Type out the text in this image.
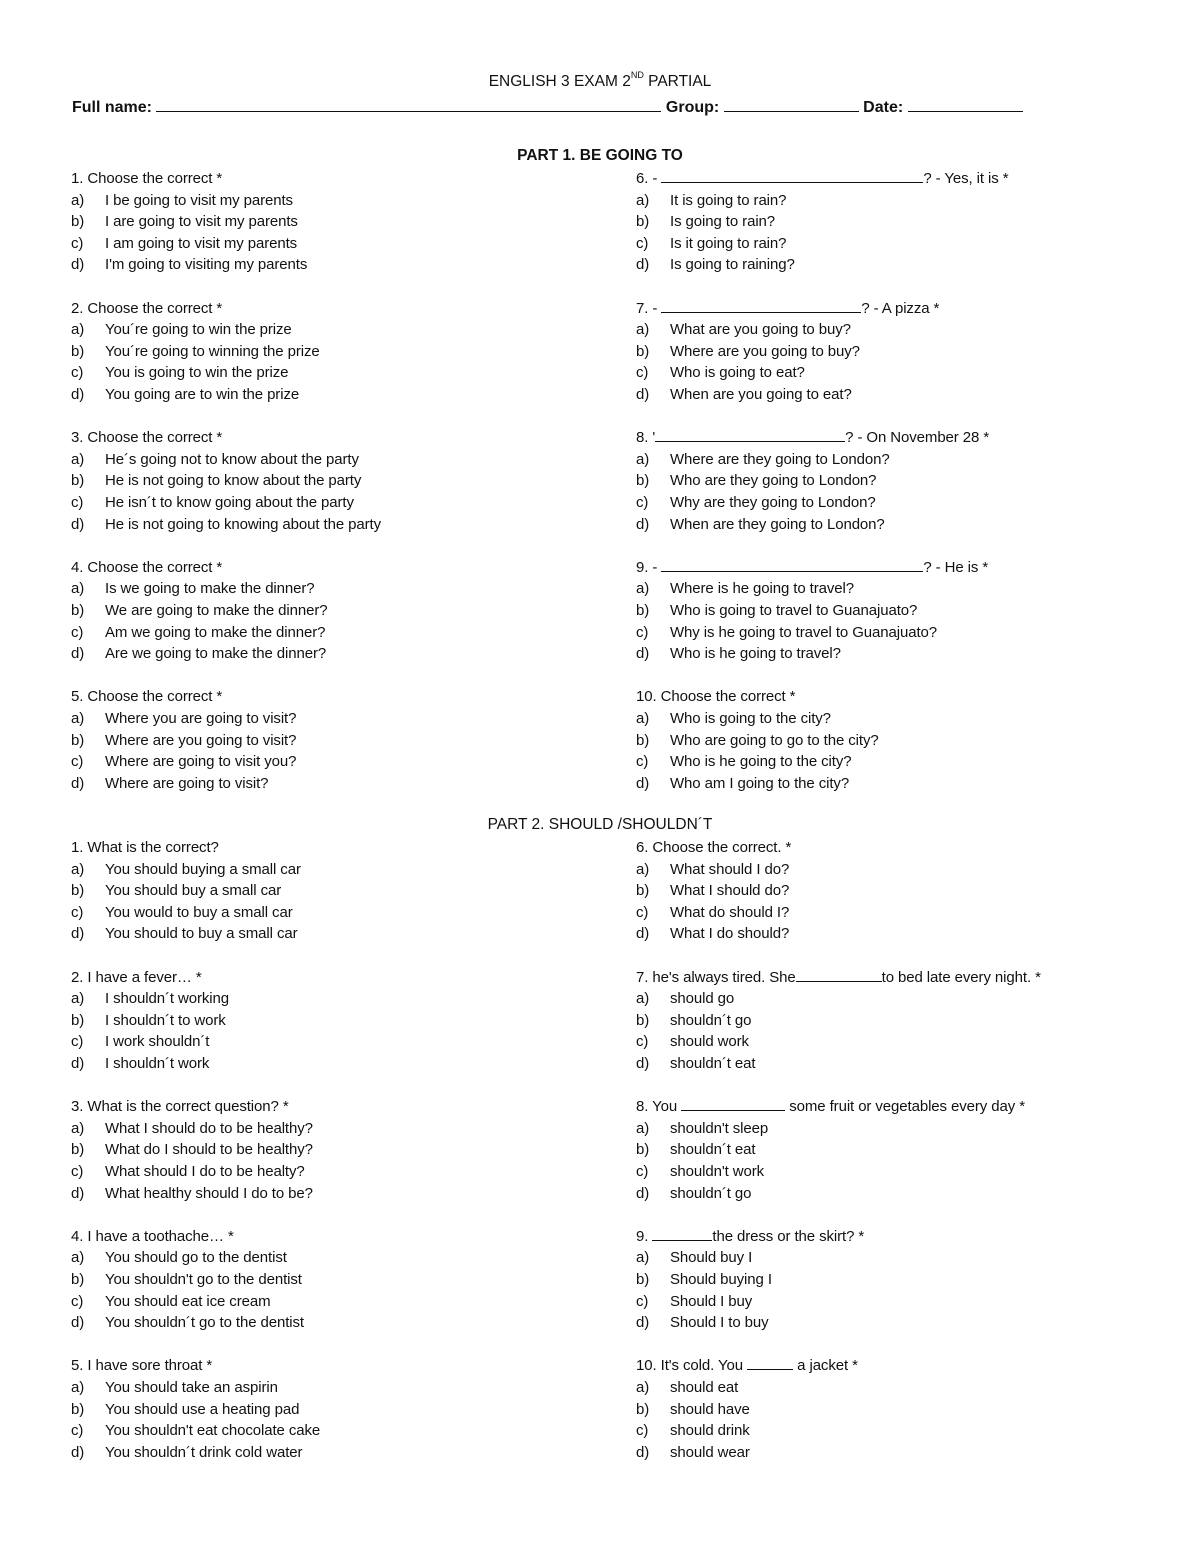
ENGLISH 3 EXAM 2ND PARTIAL
Full name:	Group:	Date:
PART 1. BE GOING TO
1. Choose the correct *
a)	I be going to visit my parents
b)	I are going to visit my parents
c)	I am going to visit my parents
d)	I'm going to visiting my parents
2. Choose the correct *
a)	You´re going to win the prize
b)	You´re going to winning the prize
c)	You is going to win the prize
d)	You going are to win the prize
3. Choose the correct *
a)	He´s going not to know about the party
b)	He is not going to know about the party
c)	He isn´t to know going about the party
d)	He is not going to knowing about the party
4. Choose the correct *
a)	Is we going to make the dinner?
b)	We are going to make the dinner?
c)	Am we going to make the dinner?
d)	Are we going to make the dinner?
5. Choose the correct *
a)	Where you are going to visit?
b)	Where are you going to visit?
c)	Where are going to visit you?
d)	Where are going to visit?
6. -	? - Yes, it is *
a)	It is going to rain?
b)	Is going to rain?
c)	Is it going to rain?
d)	Is going to raining?
7. -	? - A pizza *
a)	What are you going to buy?
b)	Where are you going to buy?
c)	Who is going to eat?
d)	When are you going to eat?
8. '	? - On November 28 *
a)	Where are they going to London?
b)	Who are they going to London?
c)	Why are they going to London?
d)	When are they going to London?
9. -	? - He is *
a)	Where is he going to travel?
b)	Who is going to travel to Guanajuato?
c)	Why is he going to travel to Guanajuato?
d)	Who is he going to travel?
10. Choose the correct *
a)	Who is going to the city?
b)	Who are going to go to the city?
c)	Who is he going to the city?
d)	Who am I going to the city?
PART 2. SHOULD /SHOULDN´T
1. What is the correct?
a)	You should buying a small car
b)	You should buy a small car
c)	You would to buy a small car
d)	You should to buy a small car
2. I have a fever… *
a)	I shouldn´t working
b)	I shouldn´t to work
c)	I work shouldn´t
d)	I shouldn´t work
3. What is the correct question? *
a)	What I should do to be healthy?
b)	What do I should to be healthy?
c)	What should I do to be healty?
d)	What healthy should I do to be?
4. I have a toothache… *
a)	You should go to the dentist
b)	You shouldn't go to the dentist
c)	You should eat ice cream
d)	You shouldn´t go to the dentist
5. I have sore throat *
a)	You should take an aspirin
b)	You should use a heating pad
c)	You shouldn't eat chocolate cake
d)	You shouldn´t drink cold water
6. Choose the correct. *
a)	What should I do?
b)	What I should do?
c)	What do should I?
d)	What I do should?
7. he's always tired. She	to bed late every night. *
a)	should go
b)	shouldn´t go
c)	should work
d)	shouldn´t eat
8. You	some fruit or vegetables every day *
a)	shouldn't sleep
b)	shouldn´t eat
c)	shouldn't work
d)	shouldn´t go
9.	the dress or the skirt? *
a)	Should buy I
b)	Should buying I
c)	Should I buy
d)	Should I to buy
10. It's cold. You	a jacket *
a)	should eat
b)	should have
c)	should drink
d)	should wear
